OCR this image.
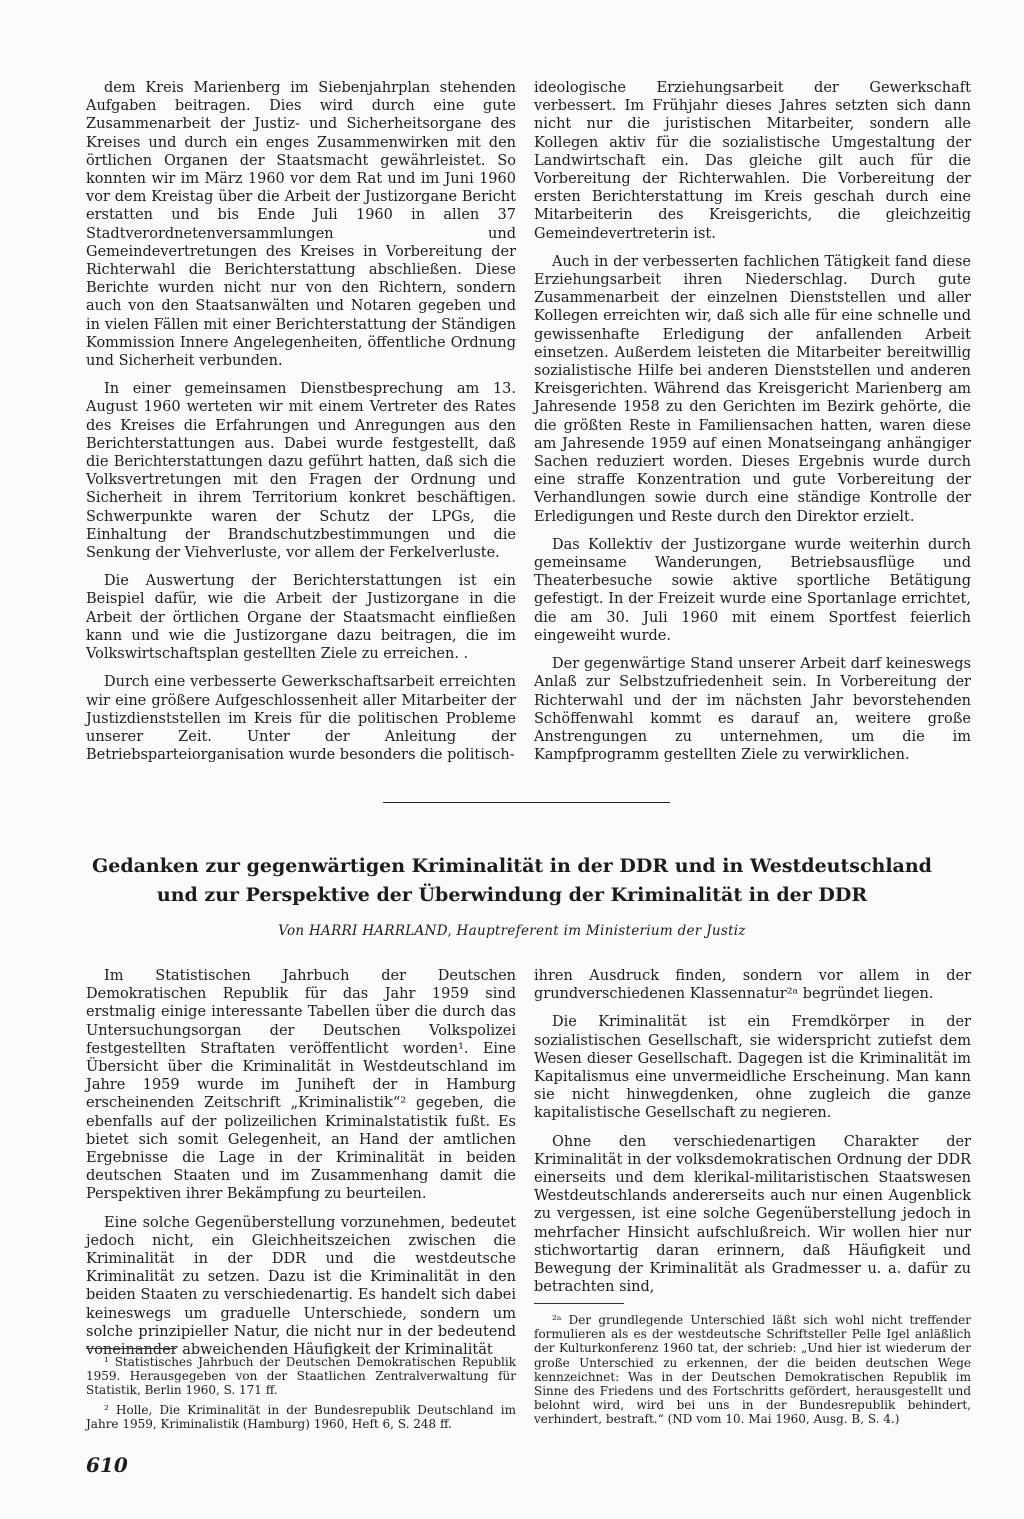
dem Kreis Marienberg im Siebenjahrplan stehenden Aufgaben beitragen. Dies wird durch eine gute Zusammenarbeit der Justiz- und Sicherheitsorgane des Kreises und durch ein enges Zusammenwirken mit den örtlichen Organen der Staatsmacht gewährleistet. So konnten wir im März 1960 vor dem Rat und im Juni 1960 vor dem Kreistag über die Arbeit der Justizorgane Bericht erstatten und bis Ende Juli 1960 in allen 37 Stadtverordnetenversammlungen und Gemeindevertretungen des Kreises in Vorbereitung der Richterwahl die Berichterstattung abschließen. Diese Berichte wurden nicht nur von den Richtern, sondern auch von den Staatsanwälten und Notaren gegeben und in vielen Fällen mit einer Berichterstattung der Ständigen Kommission Innere Angelegenheiten, öffentliche Ordnung und Sicherheit verbunden.

In einer gemeinsamen Dienstbesprechung am 13. August 1960 werteten wir mit einem Vertreter des Rates des Kreises die Erfahrungen und Anregungen aus den Berichterstattungen aus. Dabei wurde festgestellt, daß die Berichterstattungen dazu geführt hatten, daß sich die Volksvertretungen mit den Fragen der Ordnung und Sicherheit in ihrem Territorium konkret beschäftigen. Schwerpunkte waren der Schutz der LPGs, die Einhaltung der Brandschutzbestimmungen und die Senkung der Viehverluste, vor allem der Ferkelverluste.

Die Auswertung der Berichterstattungen ist ein Beispiel dafür, wie die Arbeit der Justizorgane in die Arbeit der örtlichen Organe der Staatsmacht einfließen kann und wie die Justizorgane dazu beitragen, die im Volkswirtschaftsplan gestellten Ziele zu erreichen. .

Durch eine verbesserte Gewerkschaftsarbeit erreichten wir eine größere Aufgeschlossenheit aller Mitarbeiter der Justizdienststellen im Kreis für die politischen Probleme unserer Zeit. Unter der Anleitung der Betriebsparteiorganisation wurde besonders die politisch-

ideologische Erziehungsarbeit der Gewerkschaft verbessert. Im Frühjahr dieses Jahres setzten sich dann nicht nur die juristischen Mitarbeiter, sondern alle Kollegen aktiv für die sozialistische Umgestaltung der Landwirtschaft ein. Das gleiche gilt auch für die Vorbereitung der Richterwahlen. Die Vorbereitung der ersten Berichterstattung im Kreis geschah durch eine Mitarbeiterin des Kreisgerichts, die gleichzeitig Gemeindevertreterin ist.

Auch in der verbesserten fachlichen Tätigkeit fand diese Erziehungsarbeit ihren Niederschlag. Durch gute Zusammenarbeit der einzelnen Dienststellen und aller Kollegen erreichten wir, daß sich alle für eine schnelle und gewissenhafte Erledigung der anfallenden Arbeit einsetzen. Außerdem leisteten die Mitarbeiter bereitwillig sozialistische Hilfe bei anderen Dienststellen und anderen Kreisgerichten. Während das Kreisgericht Marienberg am Jahresende 1958 zu den Gerichten im Bezirk gehörte, die die größten Reste in Familiensachen hatten, waren diese am Jahresende 1959 auf einen Monatseingang anhängiger Sachen reduziert worden. Dieses Ergebnis wurde durch eine straffe Konzentration und gute Vorbereitung der Verhandlungen sowie durch eine ständige Kontrolle der Erledigungen und Reste durch den Direktor erzielt.

Das Kollektiv der Justizorgane wurde weiterhin durch gemeinsame Wanderungen, Betriebsausflüge und Theaterbesuche sowie aktive sportliche Betätigung gefestigt. In der Freizeit wurde eine Sportanlage errichtet, die am 30. Juli 1960 mit einem Sportfest feierlich eingeweiht wurde.

Der gegenwärtige Stand unserer Arbeit darf keineswegs Anlaß zur Selbstzufriedenheit sein. In Vorbereitung der Richterwahl und der im nächsten Jahr bevorstehenden Schöffenwahl kommt es darauf an, weitere große Anstrengungen zu unternehmen, um die im Kampfprogramm gestellten Ziele zu verwirklichen.

Gedanken zur gegenwärtigen Kriminalität in der DDR und in Westdeutschland
und zur Perspektive der Überwindung der Kriminalität in der DDR
Von HARRI HARRLAND, Hauptreferent im Ministerium der Justiz

Im Statistischen Jahrbuch der Deutschen Demokratischen Republik für das Jahr 1959 sind erstmalig einige interessante Tabellen über die durch das Untersuchungsorgan der Deutschen Volkspolizei festgestellten Straftaten veröffentlicht worden¹. Eine Übersicht über die Kriminalität in Westdeutschland im Jahre 1959 wurde im Juniheft der in Hamburg erscheinenden Zeitschrift „Kriminalistik“² gegeben, die ebenfalls auf der polizeilichen Kriminalstatistik fußt. Es bietet sich somit Gelegenheit, an Hand der amtlichen Ergebnisse die Lage in der Kriminalität in beiden deutschen Staaten und im Zusammenhang damit die Perspektiven ihrer Bekämpfung zu beurteilen.

Eine solche Gegenüberstellung vorzunehmen, bedeutet jedoch nicht, ein Gleichheitszeichen zwischen die Kriminalität in der DDR und die westdeutsche Kriminalität zu setzen. Dazu ist die Kriminalität in den beiden Staaten zu verschiedenartig. Es handelt sich dabei keineswegs um graduelle Unterschiede, sondern um solche prinzipieller Natur, die nicht nur in der bedeutend voneinander abweichenden Häufigkeit der Kriminalität

ihren Ausdruck finden, sondern vor allem in der grundverschiedenen Klassennatur²ᵃ begründet liegen.

Die Kriminalität ist ein Fremdkörper in der sozialistischen Gesellschaft, sie widerspricht zutiefst dem Wesen dieser Gesellschaft. Dagegen ist die Kriminalität im Kapitalismus eine unvermeidliche Erscheinung. Man kann sie nicht hinwegdenken, ohne zugleich die ganze kapitalistische Gesellschaft zu negieren.

Ohne den verschiedenartigen Charakter der Kriminalität in der volksdemokratischen Ordnung der DDR einerseits und dem klerikal-militaristischen Staatswesen Westdeutschlands andererseits auch nur einen Augenblick zu vergessen, ist eine solche Gegenüberstellung jedoch in mehrfacher Hinsicht aufschlußreich. Wir wollen hier nur stichwortartig daran erinnern, daß Häufigkeit und Bewegung der Kriminalität als Gradmesser u. a. dafür zu betrachten sind,

¹ Statistisches Jahrbuch der Deutschen Demokratischen Republik 1959. Herausgegeben von der Staatlichen Zentralverwaltung für Statistik, Berlin 1960, S. 171 ff.

² Holle, Die Kriminalität in der Bundesrepublik Deutschland im Jahre 1959, Kriminalistik (Hamburg) 1960, Heft 6, S. 248 ff.

²ᵃ Der grundlegende Unterschied läßt sich wohl nicht treffender formulieren als es der westdeutsche Schriftsteller Pelle Igel anläßlich der Kulturkonferenz 1960 tat, der schrieb: „Und hier ist wiederum der große Unterschied zu erkennen, der die beiden deutschen Wege kennzeichnet: Was in der Deutschen Demokratischen Republik im Sinne des Friedens und des Fortschritts gefördert, herausgestellt und belohnt wird, wird bei uns in der Bundesrepublik behindert, verhindert, bestraft.“ (ND vom 10. Mai 1960, Ausg. B, S. 4.)

610
